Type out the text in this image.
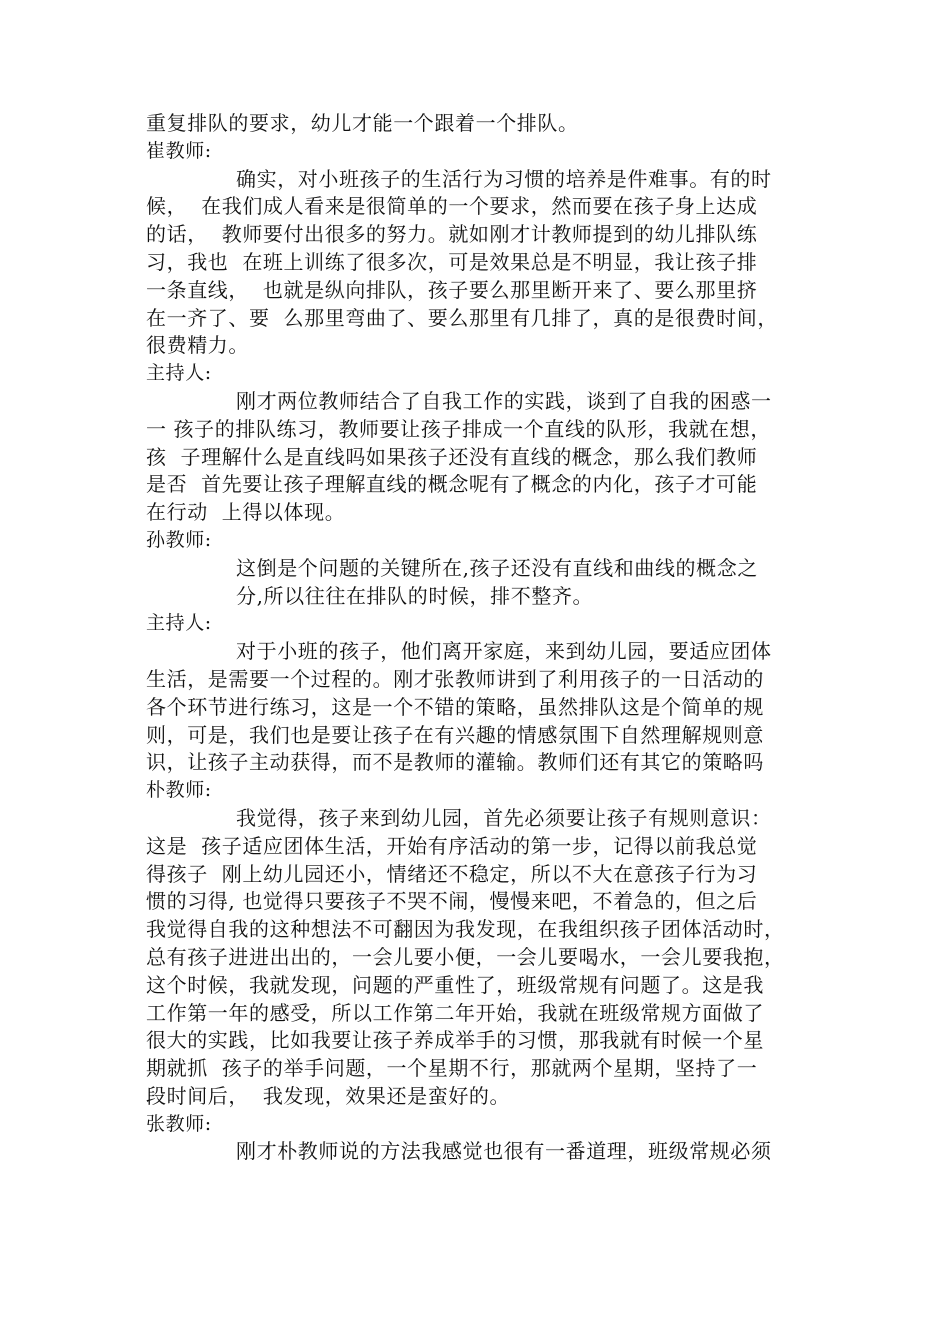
重复排队的要求，幼儿才能一个跟着一个排队。
崔教师:
确实，对小班孩子的生活行为习惯的培养是件难事。有的时
候，  在我们成人看来是很简单的一个要求，然而要在孩子身上达成
的话，  教师要付出很多的努力。就如刚才计教师提到的幼儿排队练
习，我也  在班上训练了很多次，可是效果总是不明显，我让孩子排
一条直线，  也就是纵向排队，孩子要么那里断开来了、要么那里挤
在一齐了、要  么那里弯曲了、要么那里有几排了，真的是很费时间，
很费精力。
主持人:
刚才两位教师结合了自我工作的实践，谈到了自我的困惑一
一 孩子的排队练习，教师要让孩子排成一个直线的队形，我就在想，
孩  子理解什么是直线吗如果孩子还没有直线的概念，那么我们教师
是否  首先要让孩子理解直线的概念呢有了概念的内化，孩子才可能
在行动  上得以体现。
孙教师:
这倒是个问题的关键所在,孩子还没有直线和曲线的概念之
分,所以往往在排队的时候，排不整齐。
主持人:
对于小班的孩子，他们离开家庭，来到幼儿园，要适应团体
生活，是需要一个过程的。刚才张教师讲到了利用孩子的一日活动的
各个环节进行练习，这是一个不错的策略，虽然排队这是个简单的规
则，可是，我们也是要让孩子在有兴趣的情感氛围下自然理解规则意
识，让孩子主动获得，而不是教师的灌输。教师们还有其它的策略吗
朴教师:
我觉得，孩子来到幼儿园，首先必须要让孩子有规则意识：
这是  孩子适应团体生活，开始有序活动的第一步，记得以前我总觉
得孩子  刚上幼儿园还小，情绪还不稳定，所以不大在意孩子行为习
惯的习得, 也觉得只要孩子不哭不闹，慢慢来吧，不着急的，但之后
我觉得自我的这种想法不可翻因为我发现，在我组织孩子团体活动时，
总有孩子进进出出的，一会儿要小便，一会儿要喝水，一会儿要我抱，
这个时候，我就发现，问题的严重性了，班级常规有问题了。这是我
工作第一年的感受，所以工作第二年开始，我就在班级常规方面做了
很大的实践，比如我要让孩子养成举手的习惯，那我就有时候一个星
期就抓  孩子的举手问题，一个星期不行，那就两个星期，坚持了一
段时间后，  我发现，效果还是蛮好的。
张教师:
刚才朴教师说的方法我感觉也很有一番道理，班级常规必须
